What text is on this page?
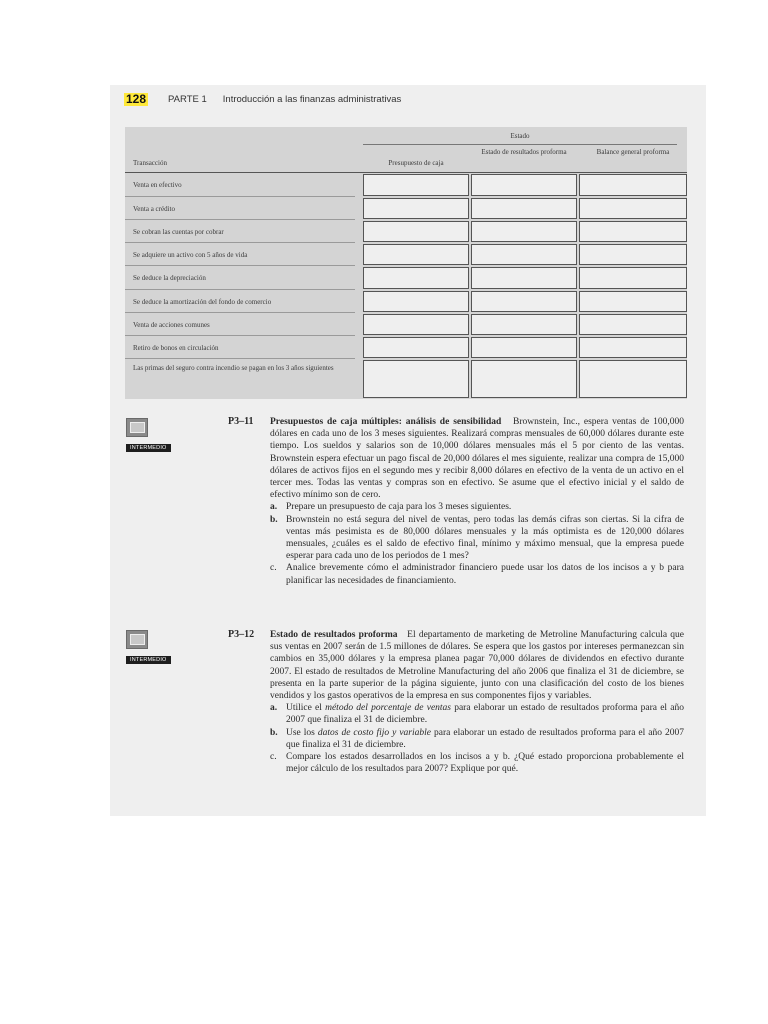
128 PARTE 1 Introducción a las finanzas administrativas
Estado
Transacción	Presupuesto de caja
Estado de resultados proforma	Balance general proforma
Venta en efectivo
Venta a crédito
Se cobran las cuentas por cobrar
Se adquiere un activo con 5 años de vida
Se deduce la depreciación
Se deduce la amortización del fondo de comercio
Venta de acciones comunes
Retiro de bonos en circulación
Las primas del seguro contra incendio se pagan en los 3 años siguientes
INTERMEDIO
P3–11 Presupuestos de caja múltiples: análisis de sensibilidad Brownstein, Inc., espera ventas de 100,000 dólares en cada uno de los 3 meses siguientes. Realizará compras mensuales de 60,000 dólares durante este tiempo. Los sueldos y salarios son de 10,000 dólares mensuales más el 5 por ciento de las ventas. Brownstein espera efectuar un pago fiscal de 20,000 dólares el mes siguiente, realizar una compra de 15,000 dólares de activos fijos en el segundo mes y recibir 8,000 dólares en efectivo de la venta de un activo en el tercer mes. Todas las ventas y compras son en efectivo. Se asume que el efectivo inicial y el saldo de efectivo mínimo son de cero.
a. Prepare un presupuesto de caja para los 3 meses siguientes.
b. Brownstein no está segura del nivel de ventas, pero todas las demás cifras son ciertas. Si la cifra de ventas más pesimista es de 80,000 dólares mensuales y la más optimista es de 120,000 dólares mensuales, ¿cuáles es el saldo de efectivo final, mínimo y máximo mensual, que la empresa puede esperar para cada uno de los periodos de 1 mes?
c. Analice brevemente cómo el administrador financiero puede usar los datos de los incisos a y b para planificar las necesidades de financiamiento.
INTERMEDIO
P3–12 Estado de resultados proforma El departamento de marketing de Metroline Manufacturing calcula que sus ventas en 2007 serán de 1.5 millones de dólares. Se espera que los gastos por intereses permanezcan sin cambios en 35,000 dólares y la empresa planea pagar 70,000 dólares de dividendos en efectivo durante 2007. El estado de resultados de Metroline Manufacturing del año 2006 que finaliza el 31 de diciembre, se presenta en la parte superior de la página siguiente, junto con una clasificación del costo de los bienes vendidos y los gastos operativos de la empresa en sus componentes fijos y variables.
a. Utilice el método del porcentaje de ventas para elaborar un estado de resultados proforma para el año 2007 que finaliza el 31 de diciembre.
b. Use los datos de costo fijo y variable para elaborar un estado de resultados proforma para el año 2007 que finaliza el 31 de diciembre.
c. Compare los estados desarrollados en los incisos a y b. ¿Qué estado proporciona probablemente el mejor cálculo de los resultados para 2007? Explique por qué.
